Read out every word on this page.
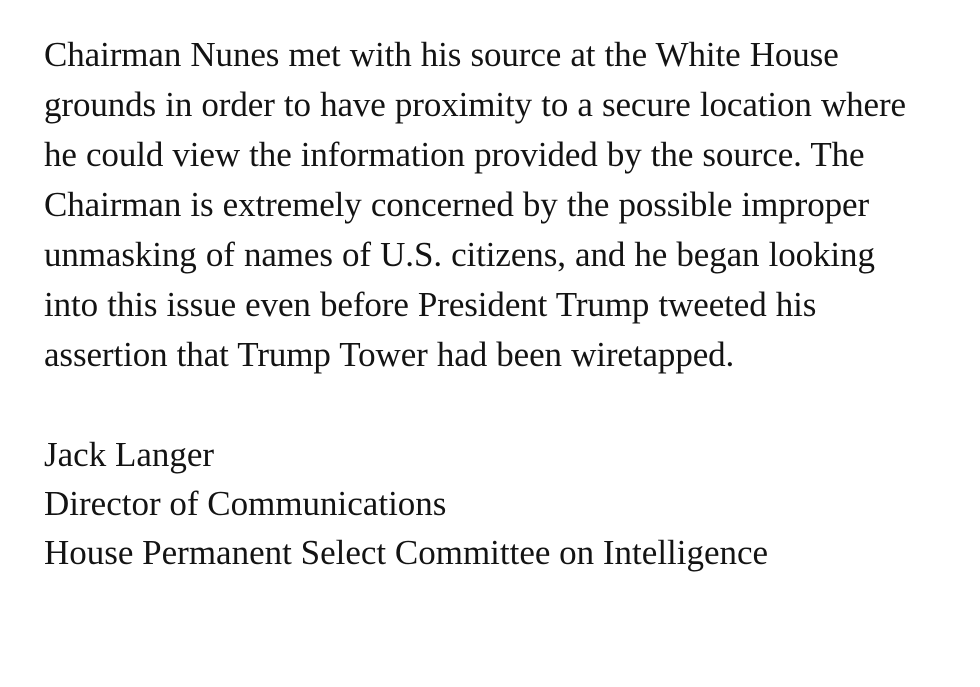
Chairman Nunes met with his source at the White House grounds in order to have proximity to a secure location where he could view the information provided by the source. The Chairman is extremely concerned by the possible improper unmasking of names of U.S. citizens, and he began looking into this issue even before President Trump tweeted his assertion that Trump Tower had been wiretapped.

Jack Langer

Director of Communications

House Permanent Select Committee on Intelligence
